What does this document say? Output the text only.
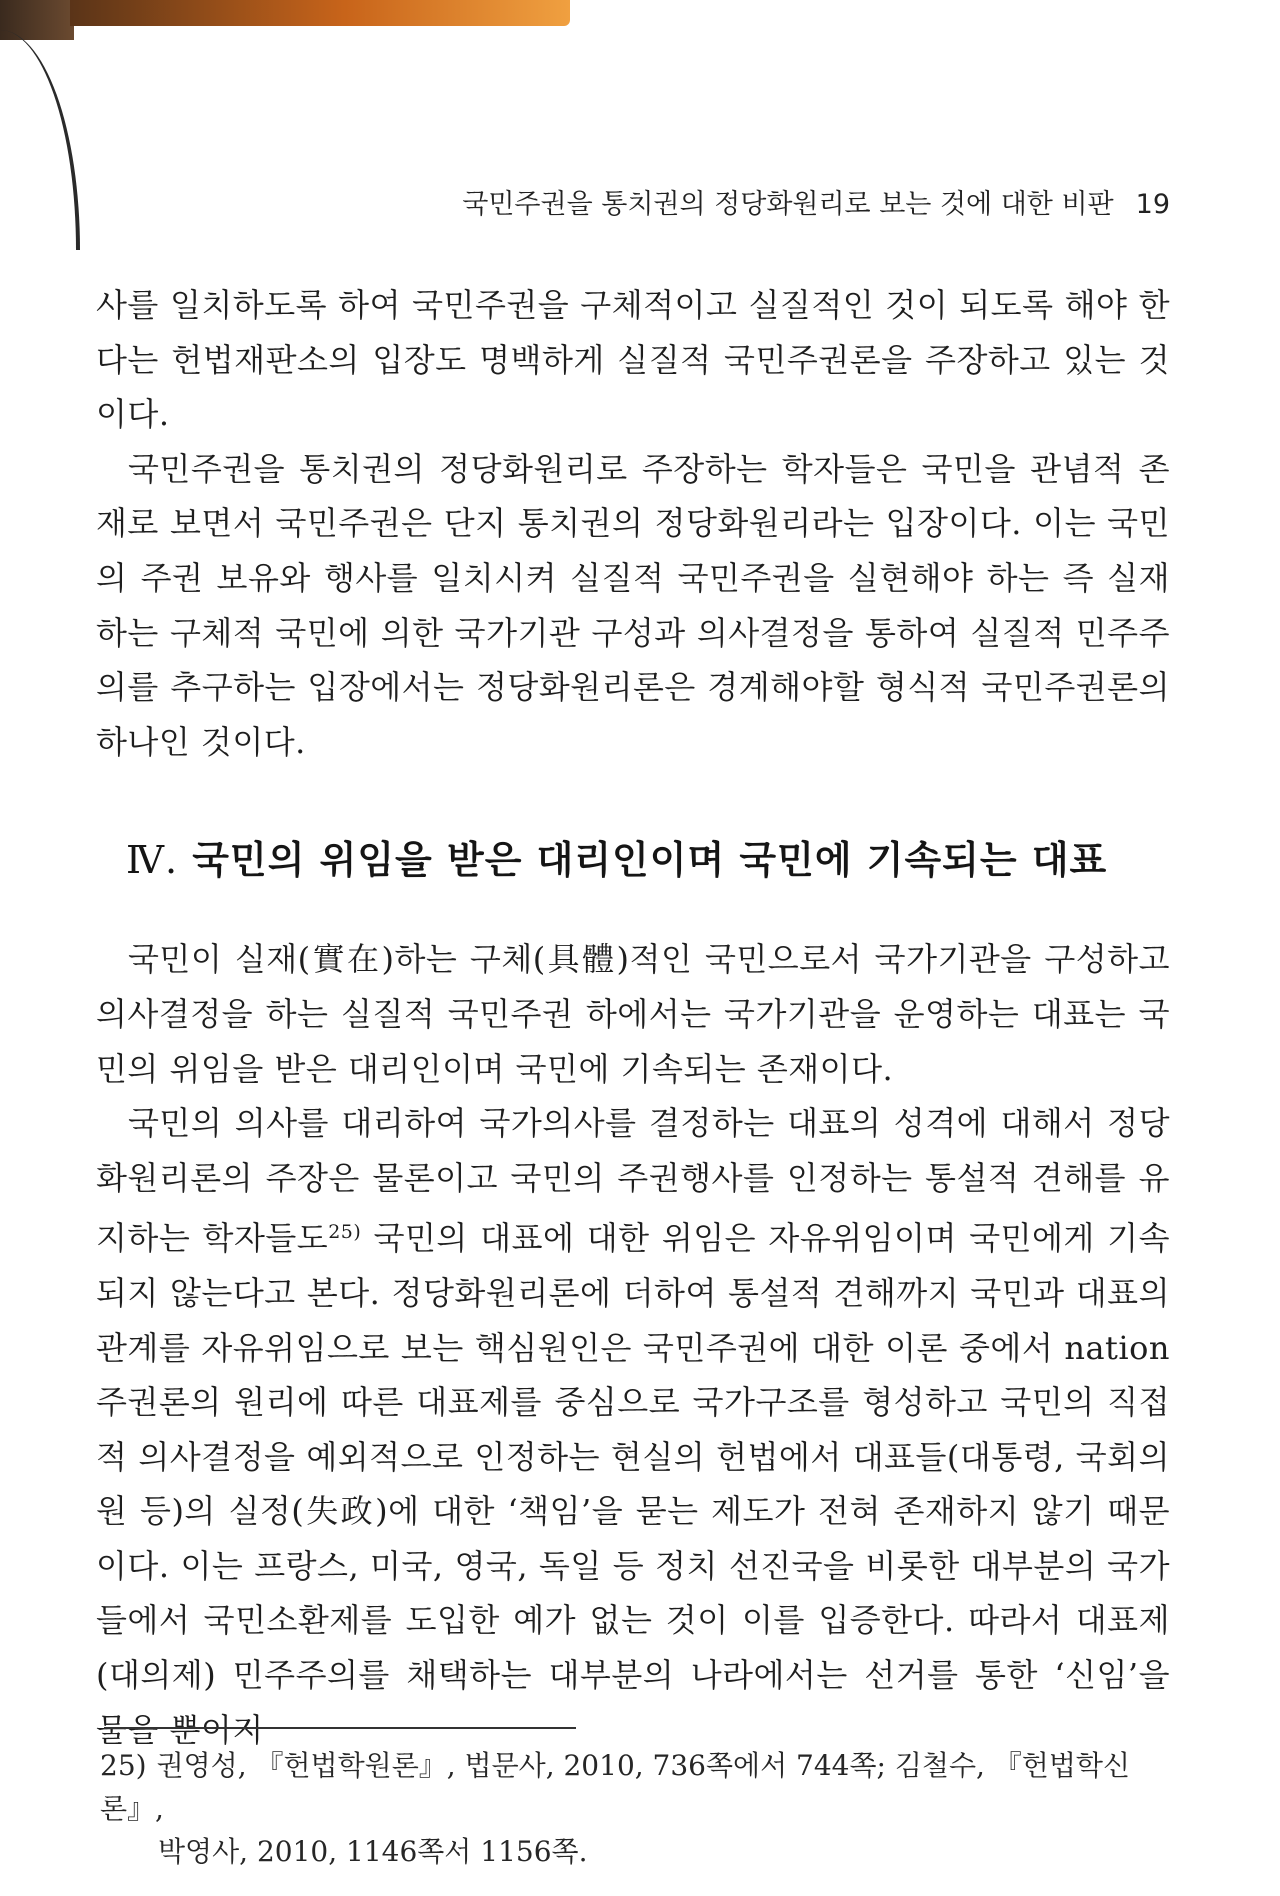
국민주권을 통치권의 정당화원리로 보는 것에 대한 비판 19

사를 일치하도록 하여 국민주권을 구체적이고 실질적인 것이 되도록 해야 한다는 헌법재판소의 입장도 명백하게 실질적 국민주권론을 주장하고 있는 것이다.

국민주권을 통치권의 정당화원리로 주장하는 학자들은 국민을 관념적 존재로 보면서 국민주권은 단지 통치권의 정당화원리라는 입장이다. 이는 국민의 주권 보유와 행사를 일치시켜 실질적 국민주권을 실현해야 하는 즉 실재하는 구체적 국민에 의한 국가기관 구성과 의사결정을 통하여 실질적 민주주의를 추구하는 입장에서는 정당화원리론은 경계해야할 형식적 국민주권론의 하나인 것이다.

Ⅳ. 국민의 위임을 받은 대리인이며 국민에 기속되는 대표

국민이 실재(實在)하는 구체(具體)적인 국민으로서 국가기관을 구성하고 의사결정을 하는 실질적 국민주권 하에서는 국가기관을 운영하는 대표는 국민의 위임을 받은 대리인이며 국민에 기속되는 존재이다.

국민의 의사를 대리하여 국가의사를 결정하는 대표의 성격에 대해서 정당화원리론의 주장은 물론이고 국민의 주권행사를 인정하는 통설적 견해를 유지하는 학자들도$^{25)}$ 국민의 대표에 대한 위임은 자유위임이며 국민에게 기속되지 않는다고 본다. 정당화원리론에 더하여 통설적 견해까지 국민과 대표의 관계를 자유위임으로 보는 핵심원인은 국민주권에 대한 이론 중에서 nation 주권론의 원리에 따른 대표제를 중심으로 국가구조를 형성하고 국민의 직접적 의사결정을 예외적으로 인정하는 현실의 헌법에서 대표들(대통령, 국회의원 등)의 실정(失政)에 대한 ‘책임’을 묻는 제도가 전혀 존재하지 않기 때문이다. 이는 프랑스, 미국, 영국, 독일 등 정치 선진국을 비롯한 대부분의 국가들에서 국민소환제를 도입한 예가 없는 것이 이를 입증한다. 따라서 대표제(대의제) 민주주의를 채택하는 대부분의 나라에서는 선거를 통한 ‘신임’을 물을 뿐이지

25) 권영성, 『헌법학원론』, 법문사, 2010, 736쪽에서 744쪽; 김철수, 『헌법학신론』,
박영사, 2010, 1146쪽서 1156쪽.
